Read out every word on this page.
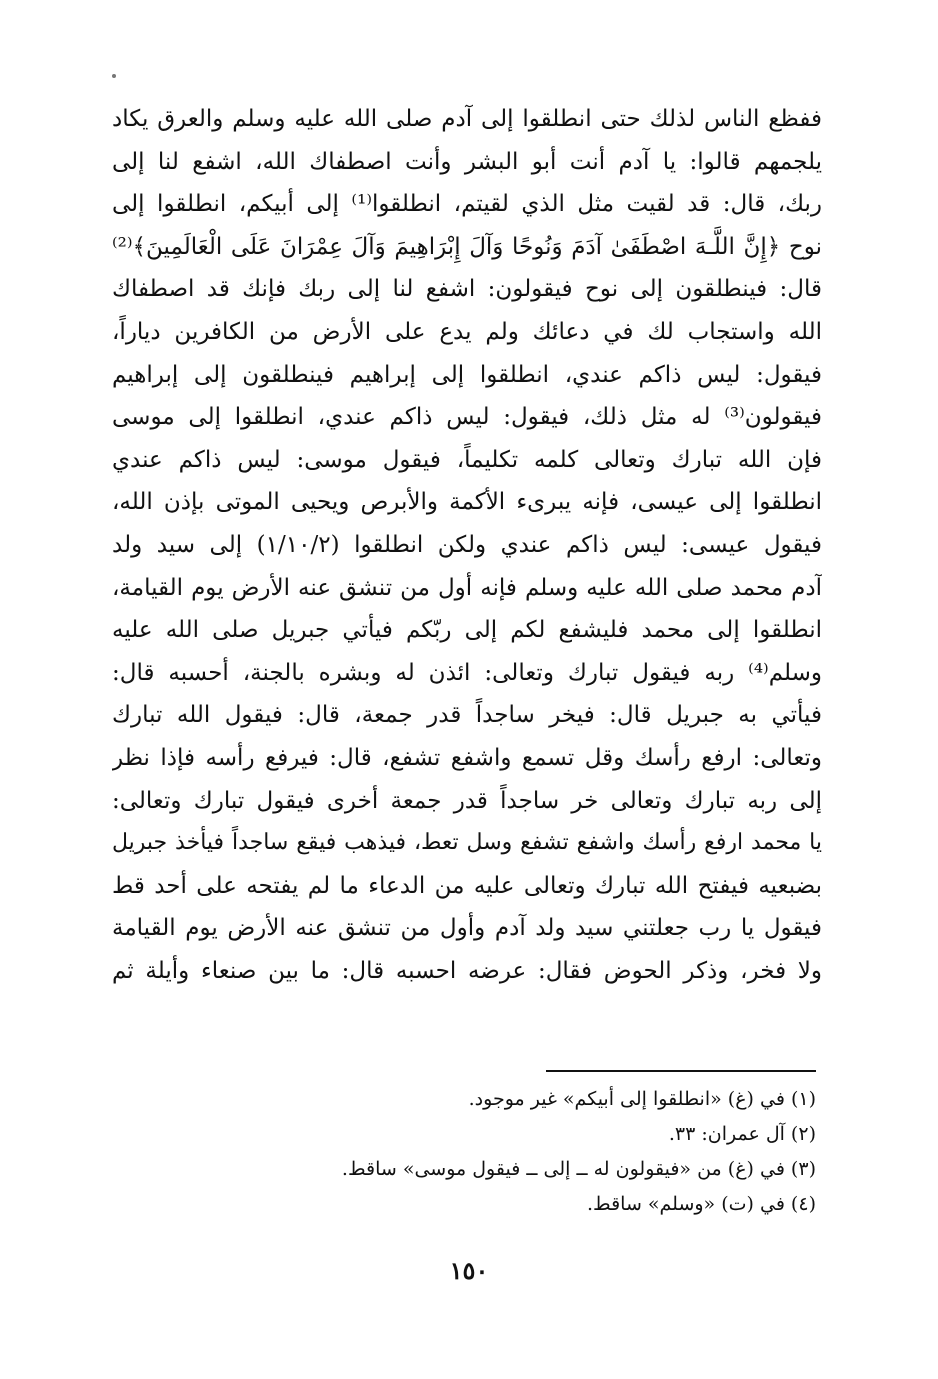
ففظع الناس لذلك حتى انطلقوا إلى آدم صلى الله عليه وسلم والعرق يكاد
يلجمهم قالوا: يا آدم أنت أبو البشر وأنت اصطفاك الله، اشفع لنا إلى
ربك، قال: قد لقيت مثل الذي لقيتم، انطلقوا⁽¹⁾ إلى أبيكم، انطلقوا إلى
نوح ﴿إِنَّ اللَّـهَ اصْطَفَىٰ آدَمَ وَنُوحًا وَآلَ إِبْرَاهِيمَ وَآلَ عِمْرَانَ عَلَى الْعَالَمِينَ﴾⁽²⁾
قال: فينطلقون إلى نوح فيقولون: اشفع لنا إلى ربك فإنك قد اصطفاك
الله واستجاب لك في دعائك ولم يدع على الأرض من الكافرين دياراً،
فيقول: ليس ذاكم عندي، انطلقوا إلى إبراهيم فينطلقون إلى إبراهيم
فيقولون⁽³⁾ له مثل ذلك، فيقول: ليس ذاكم عندي، انطلقوا إلى موسى
فإن الله تبارك وتعالى كلمه تكليماً، فيقول موسى: ليس ذاكم عندي
انطلقوا إلى عيسى، فإنه يبرىء الأكمة والأبرص ويحيى الموتى بإذن الله،
فيقول عيسى: ليس ذاكم عندي ولكن انطلقوا (١/١٠/٢) إلى سيد ولد
آدم محمد صلى الله عليه وسلم فإنه أول من تنشق عنه الأرض يوم القيامة،
انطلقوا إلى محمد فليشفع لكم إلى ربّكم فيأتي جبريل صلى الله عليه
وسلم⁽⁴⁾ ربه فيقول تبارك وتعالى: ائذن له وبشره بالجنة، أحسبه قال:
فيأتي به جبريل قال: فيخر ساجداً قدر جمعة، قال: فيقول الله تبارك
وتعالى: ارفع رأسك وقل تسمع واشفع تشفع، قال: فيرفع رأسه فإذا نظر
إلى ربه تبارك وتعالى خر ساجداً قدر جمعة أخرى فيقول تبارك وتعالى:
يا محمد ارفع رأسك واشفع تشفع وسل تعط، فيذهب فيقع ساجداً فيأخذ جبريل
بضبعيه فيفتح الله تبارك وتعالى عليه من الدعاء ما لم يفتحه على أحد قط
فيقول يا رب جعلتني سيد ولد آدم وأول من تنشق عنه الأرض يوم القيامة
ولا فخر، وذكر الحوض فقال: عرضه احسبه قال: ما بين صنعاء وأيلة ثم
(١) في (غ) «انطلقوا إلى أبيكم» غير موجود.
(٢) آل عمران: ٣٣.
(٣) في (غ) من «فيقولون له ــ إلى ــ فيقول موسى» ساقط.
(٤) في (ت) «وسلم» ساقط.
١٥٠
